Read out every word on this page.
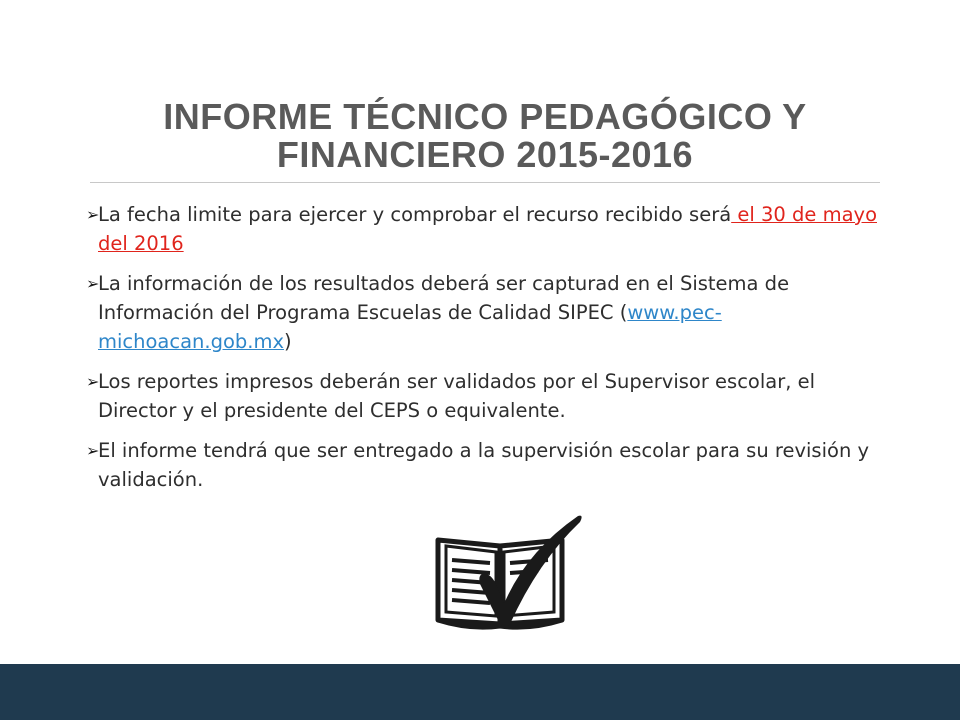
INFORME TÉCNICO PEDAGÓGICO Y
FINANCIERO 2015-2016
➢
La fecha limite para ejercer y comprobar el recurso recibido será el 30 de mayo del 2016
➢
La información de los resultados deberá ser capturad en el Sistema de Información del Programa Escuelas de Calidad SIPEC (www.pec-michoacan.gob.mx)
➢
Los reportes impresos deberán ser validados por el Supervisor escolar, el Director y el presidente del CEPS o equivalente.
➢
El informe tendrá que ser entregado a la supervisión escolar para su revisión y validación.
